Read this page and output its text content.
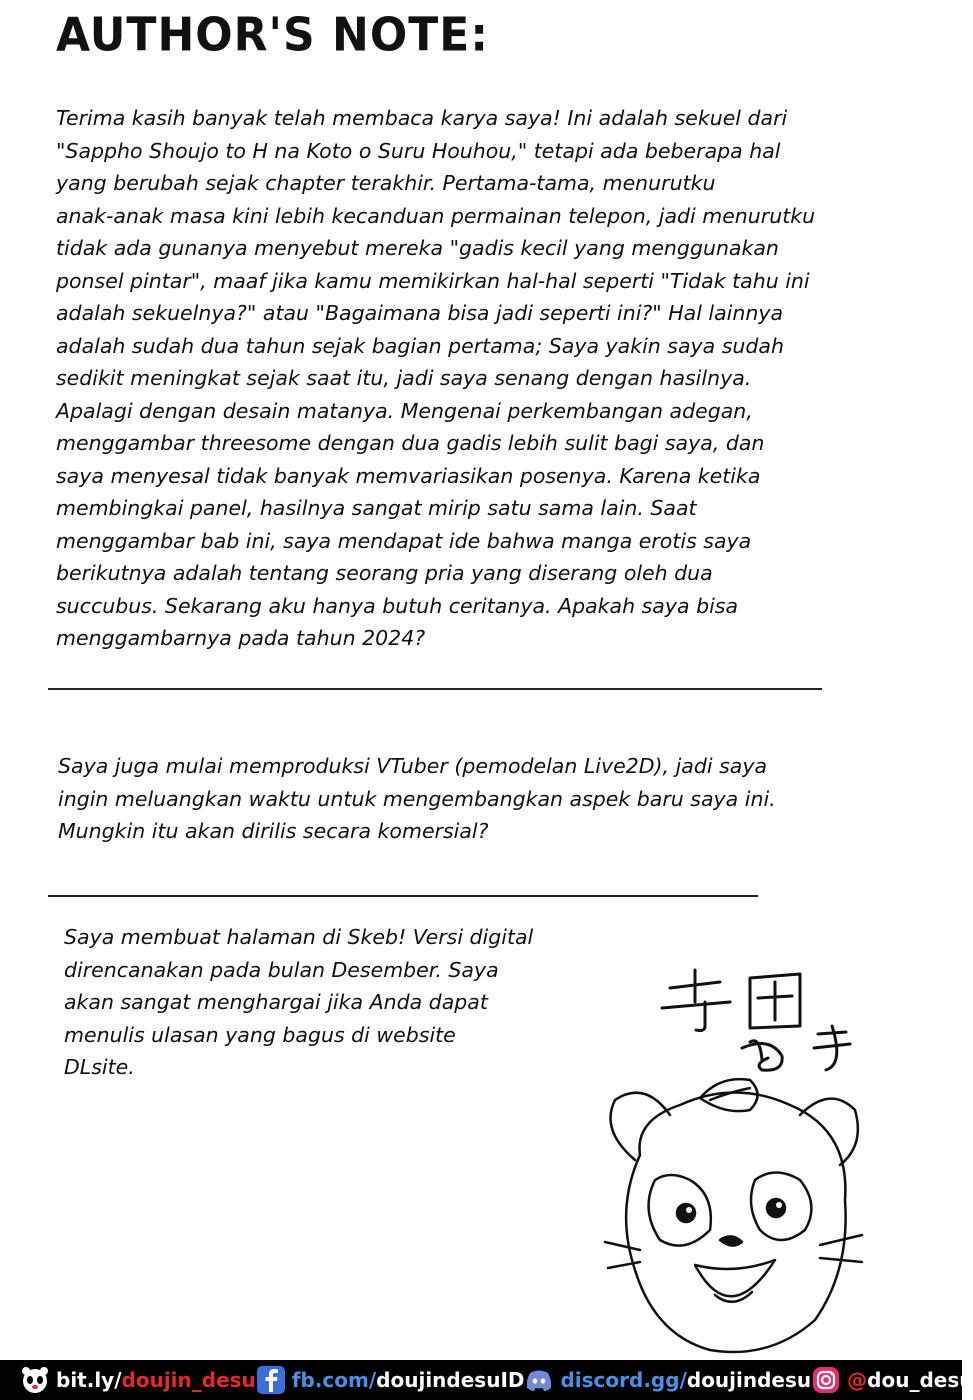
AUTHOR'S NOTE:

Terima kasih banyak telah membaca karya saya! Ini adalah sekuel dari
"Sappho Shoujo to H na Koto o Suru Houhou," tetapi ada beberapa hal
yang berubah sejak chapter terakhir. Pertama-tama, menurutku
anak-anak masa kini lebih kecanduan permainan telepon, jadi menurutku
tidak ada gunanya menyebut mereka "gadis kecil yang menggunakan
ponsel pintar", maaf jika kamu memikirkan hal-hal seperti "Tidak tahu ini
adalah sekuelnya?" atau "Bagaimana bisa jadi seperti ini?" Hal lainnya
adalah sudah dua tahun sejak bagian pertama; Saya yakin saya sudah
sedikit meningkat sejak saat itu, jadi saya senang dengan hasilnya.
Apalagi dengan desain matanya. Mengenai perkembangan adegan,
menggambar threesome dengan dua gadis lebih sulit bagi saya, dan
saya menyesal tidak banyak memvariasikan posenya. Karena ketika
membingkai panel, hasilnya sangat mirip satu sama lain. Saat
menggambar bab ini, saya mendapat ide bahwa manga erotis saya
berikutnya adalah tentang seorang pria yang diserang oleh dua
succubus. Sekarang aku hanya butuh ceritanya. Apakah saya bisa
menggambarnya pada tahun 2024?

Saya juga mulai memproduksi VTuber (pemodelan Live2D), jadi saya
ingin meluangkan waktu untuk mengembangkan aspek baru saya ini.
Mungkin itu akan dirilis secara komersial?

Saya membuat halaman di Skeb! Versi digital
direncanakan pada bulan Desember. Saya
akan sangat menghargai jika Anda dapat
menulis ulasan yang bagus di website
DLsite.

bit.ly/ doujin_desu fb.com/ doujindesuID discord.gg/ doujindesu @ dou_desu
